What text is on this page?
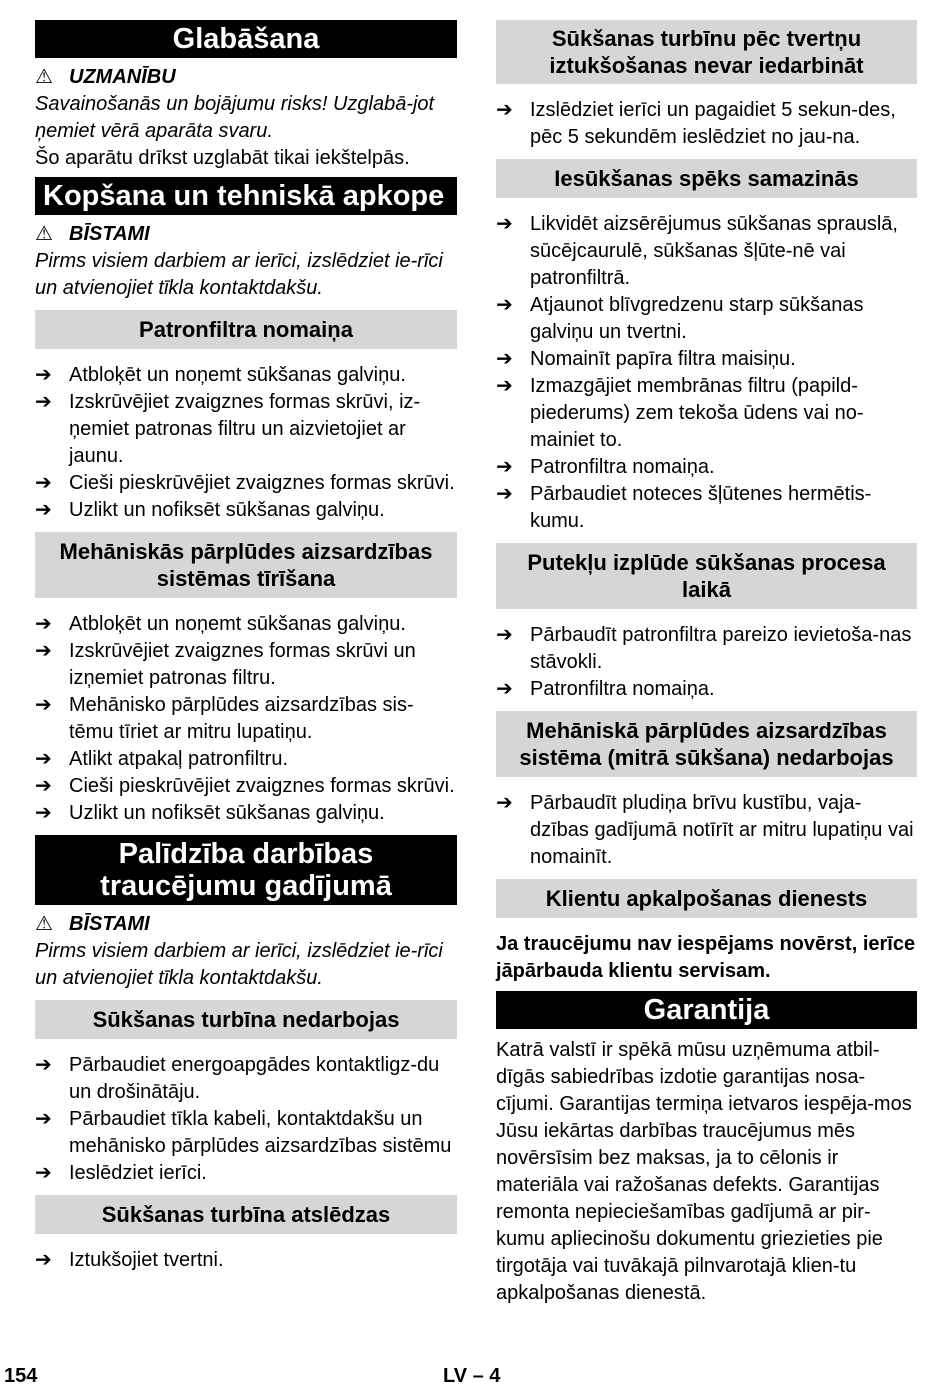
Glabāšana
⚠ UZMANĪBU
Savainošanās un bojājumu risks! Uzglabā-jot ņemiet vērā aparāta svaru.
Šo aparātu drīkst uzglabāt tikai iekštelpās.
Kopšana un tehniskā apkope
⚠ BĪSTAMI
Pirms visiem darbiem ar ierīci, izslēdziet ie-rīci un atvienojiet tīkla kontaktdakšu.
Patronfiltra nomaiņa
➔ Atbloķēt un noņemt sūkšanas galviņu.
➔ Izskrūvējiet zvaigznes formas skrūvi, iz-ņemiet patronas filtru un aizvietojiet ar jaunu.
➔ Cieši pieskrūvējiet zvaigznes formas skrūvi.
➔ Uzlikt un nofiksēt sūkšanas galviņu.
Mehāniskās pārplūdes aizsardzības sistēmas tīrīšana
➔ Atbloķēt un noņemt sūkšanas galviņu.
➔ Izskrūvējiet zvaigznes formas skrūvi un izņemiet patronas filtru.
➔ Mehānisko pārplūdes aizsardzības sis-tēmu tīriet ar mitru lupatiņu.
➔ Atlikt atpakaļ patronfiltru.
➔ Cieši pieskrūvējiet zvaigznes formas skrūvi.
➔ Uzlikt un nofiksēt sūkšanas galviņu.
Palīdzība darbības
traucējumu gadījumā
⚠ BĪSTAMI
Pirms visiem darbiem ar ierīci, izslēdziet ie-rīci un atvienojiet tīkla kontaktdakšu.
Sūkšanas turbīna nedarbojas
➔ Pārbaudiet energoapgādes kontaktligz-du un drošinātāju.
➔ Pārbaudiet tīkla kabeli, kontaktdakšu un mehānisko pārplūdes aizsardzības sistēmu
➔ Ieslēdziet ierīci.
Sūkšanas turbīna atslēdzas
➔ Iztukšojiet tvertni.
Sūkšanas turbīnu pēc tvertņu iztukšošanas nevar iedarbināt
➔ Izslēdziet ierīci un pagaidiet 5 sekun-des, pēc 5 sekundēm ieslēdziet no jau-na.
Iesūkšanas spēks samazinās
➔ Likvidēt aizsērējumus sūkšanas sprauslā, sūcējcaurulē, sūkšanas šļūte-nē vai patronfiltrā.
➔ Atjaunot blīvgredzenu starp sūkšanas galviņu un tvertni.
➔ Nomainīt papīra filtra maisiņu.
➔ Izmazgājiet membrānas filtru (papild-piederums) zem tekoša ūdens vai no-mainiet to.
➔ Patronfiltra nomaiņa.
➔ Pārbaudiet noteces šļūtenes hermētis-kumu.
Putekļu izplūde sūkšanas procesa laikā
➔ Pārbaudīt patronfiltra pareizo ievietoša-nas stāvokli.
➔ Patronfiltra nomaiņa.
Mehāniskā pārplūdes aizsardzības sistēma (mitrā sūkšana) nedarbojas
➔ Pārbaudīt pludiņa brīvu kustību, vaja-dzības gadījumā notīrīt ar mitru lupatiņu vai nomainīt.
Klientu apkalpošanas dienests
Ja traucējumu nav iespējams novērst, ierīce jāpārbauda klientu servisam.
Garantija
Katrā valstī ir spēkā mūsu uzņēmuma atbil-dīgās sabiedrības izdotie garantijas nosa-cījumi. Garantijas termiņa ietvaros iespēja-mos Jūsu iekārtas darbības traucējumus mēs novērsīsim bez maksas, ja to cēlonis ir materiāla vai ražošanas defekts. Garantijas remonta nepieciešamības gadījumā ar pir-kumu apliecinošu dokumentu griezieties pie tirgotāja vai tuvākajā pilnvarotajā klien-tu apkalpošanas dienestā.
154	LV – 4
